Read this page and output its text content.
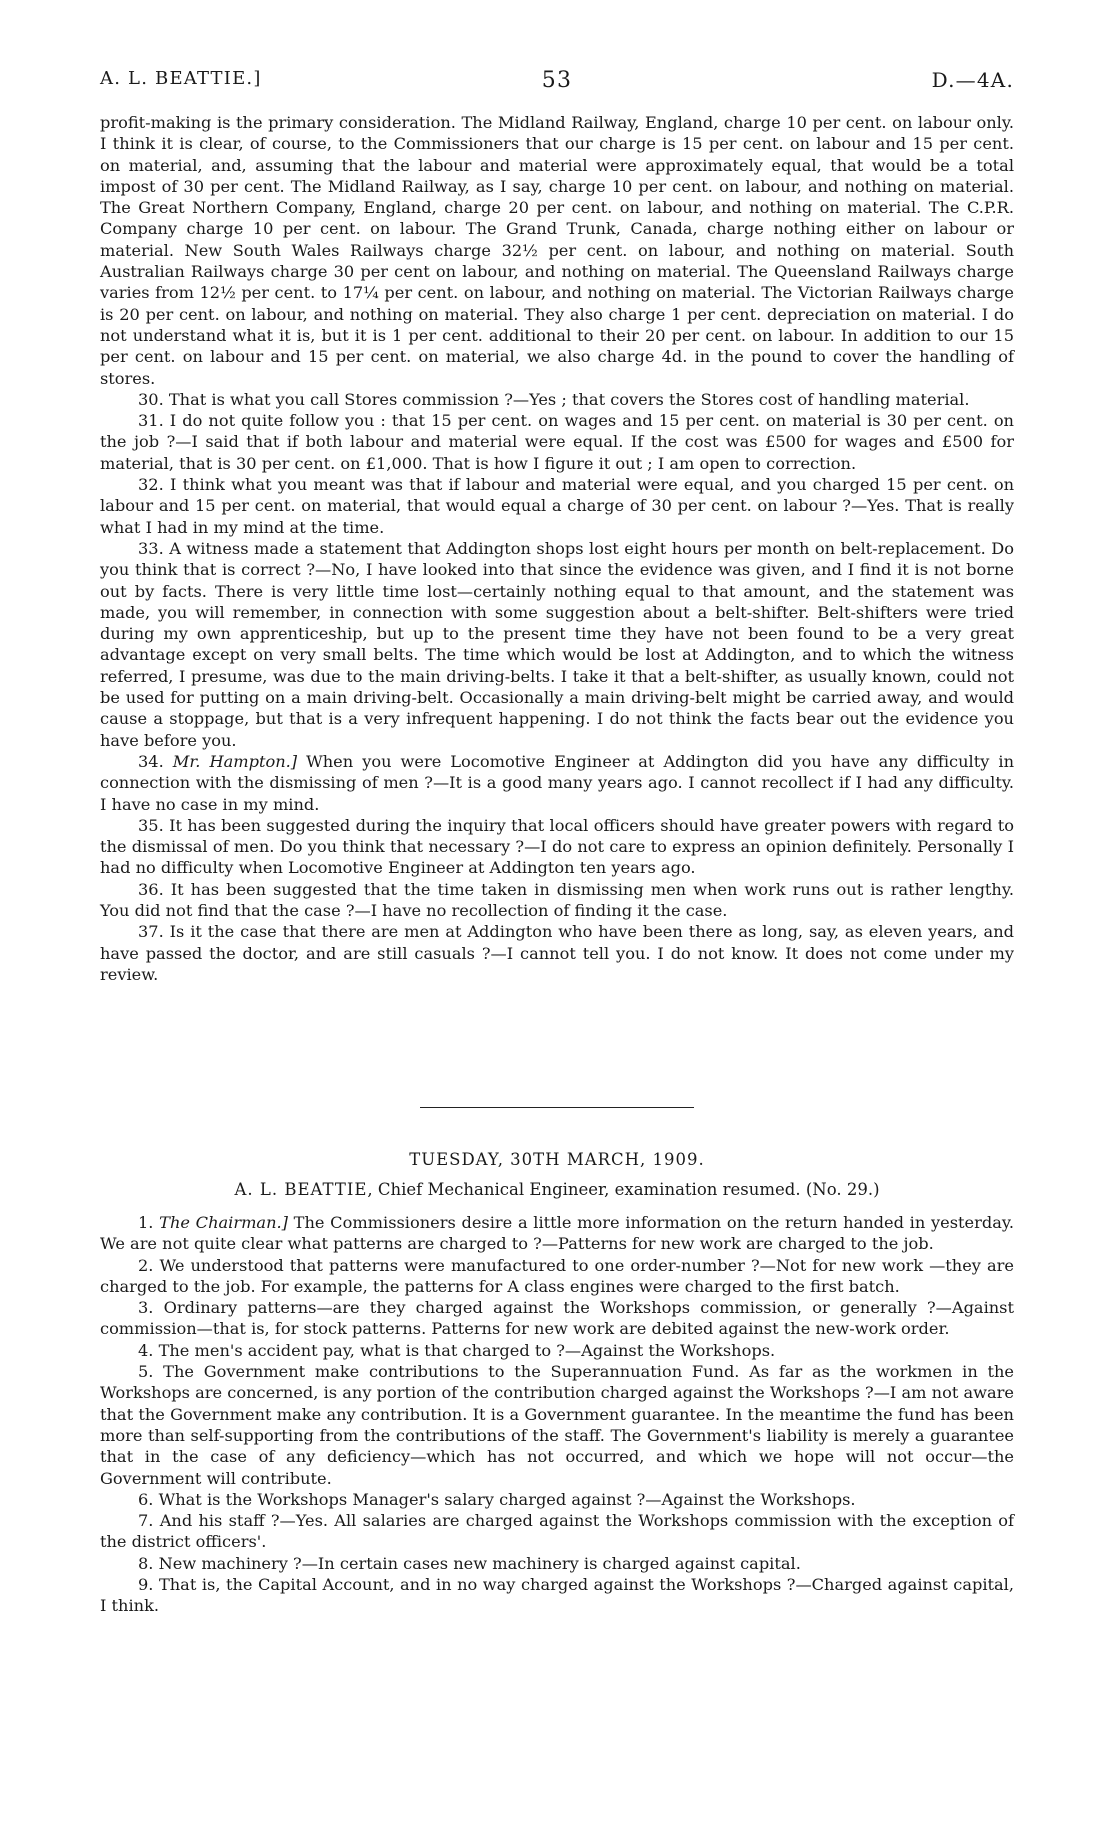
A. L. BEATTIE.]	53	D.—4A.

profit-making is the primary consideration. The Midland Railway, England, charge 10 per cent. on labour only. I think it is clear, of course, to the Commissioners that our charge is 15 per cent. on labour and 15 per cent. on material, and, assuming that the labour and material were approximately equal, that would be a total impost of 30 per cent. The Midland Railway, as I say, charge 10 per cent. on labour, and nothing on material. The Great Northern Company, England, charge 20 per cent. on labour, and nothing on material. The C.P.R. Company charge 10 per cent. on labour. The Grand Trunk, Canada, charge nothing either on labour or material. New South Wales Railways charge 32½ per cent. on labour, and nothing on material. South Australian Railways charge 30 per cent on labour, and nothing on material. The Queensland Railways charge varies from 12½ per cent. to 17¼ per cent. on labour, and nothing on material. The Victorian Railways charge is 20 per cent. on labour, and nothing on material. They also charge 1 per cent. depreciation on material. I do not understand what it is, but it is 1 per cent. additional to their 20 per cent. on labour. In addition to our 15 per cent. on labour and 15 per cent. on material, we also charge 4d. in the pound to cover the handling of stores.

30. That is what you call Stores commission ?—Yes ; that covers the Stores cost of handling material.

31. I do not quite follow you : that 15 per cent. on wages and 15 per cent. on material is 30 per cent. on the job ?—I said that if both labour and material were equal. If the cost was £500 for wages and £500 for material, that is 30 per cent. on £1,000. That is how I figure it out ; I am open to correction.

32. I think what you meant was that if labour and material were equal, and you charged 15 per cent. on labour and 15 per cent. on material, that would equal a charge of 30 per cent. on labour ?—Yes. That is really what I had in my mind at the time.

33. A witness made a statement that Addington shops lost eight hours per month on belt-replacement. Do you think that is correct ?—No, I have looked into that since the evidence was given, and I find it is not borne out by facts. There is very little time lost—certainly nothing equal to that amount, and the statement was made, you will remember, in connection with some suggestion about a belt-shifter. Belt-shifters were tried during my own apprenticeship, but up to the present time they have not been found to be a very great advantage except on very small belts. The time which would be lost at Addington, and to which the witness referred, I presume, was due to the main driving-belts. I take it that a belt-shifter, as usually known, could not be used for putting on a main driving-belt. Occasionally a main driving-belt might be carried away, and would cause a stoppage, but that is a very infrequent happening. I do not think the facts bear out the evidence you have before you.

34. Mr. Hampton.] When you were Locomotive Engineer at Addington did you have any difficulty in connection with the dismissing of men ?—It is a good many years ago. I cannot recollect if I had any difficulty. I have no case in my mind.

35. It has been suggested during the inquiry that local officers should have greater powers with regard to the dismissal of men. Do you think that necessary ?—I do not care to express an opinion definitely. Personally I had no difficulty when Locomotive Engineer at Addington ten years ago.

36. It has been suggested that the time taken in dismissing men when work runs out is rather lengthy. You did not find that the case ?—I have no recollection of finding it the case.

37. Is it the case that there are men at Addington who have been there as long, say, as eleven years, and have passed the doctor, and are still casuals ?—I cannot tell you. I do not know. It does not come under my review.

TUESDAY, 30TH MARCH, 1909.
A. L. BEATTIE, Chief Mechanical Engineer, examination resumed. (No. 29.)

1. The Chairman.] The Commissioners desire a little more information on the return handed in yesterday. We are not quite clear what patterns are charged to ?—Patterns for new work are charged to the job.

2. We understood that patterns were manufactured to one order-number ?—Not for new work —they are charged to the job. For example, the patterns for A class engines were charged to the first batch.

3. Ordinary patterns—are they charged against the Workshops commission, or generally ?—Against commission—that is, for stock patterns. Patterns for new work are debited against the new-work order.

4. The men's accident pay, what is that charged to ?—Against the Workshops.

5. The Government make contributions to the Superannuation Fund. As far as the workmen in the Workshops are concerned, is any portion of the contribution charged against the Workshops ?—I am not aware that the Government make any contribution. It is a Government guarantee. In the meantime the fund has been more than self-supporting from the contributions of the staff. The Government's liability is merely a guarantee that in the case of any deficiency—which has not occurred, and which we hope will not occur—the Government will contribute.

6. What is the Workshops Manager's salary charged against ?—Against the Workshops.

7. And his staff ?—Yes. All salaries are charged against the Workshops commission with the exception of the district officers'.

8. New machinery ?—In certain cases new machinery is charged against capital.

9. That is, the Capital Account, and in no way charged against the Workshops ?—Charged against capital, I think.
